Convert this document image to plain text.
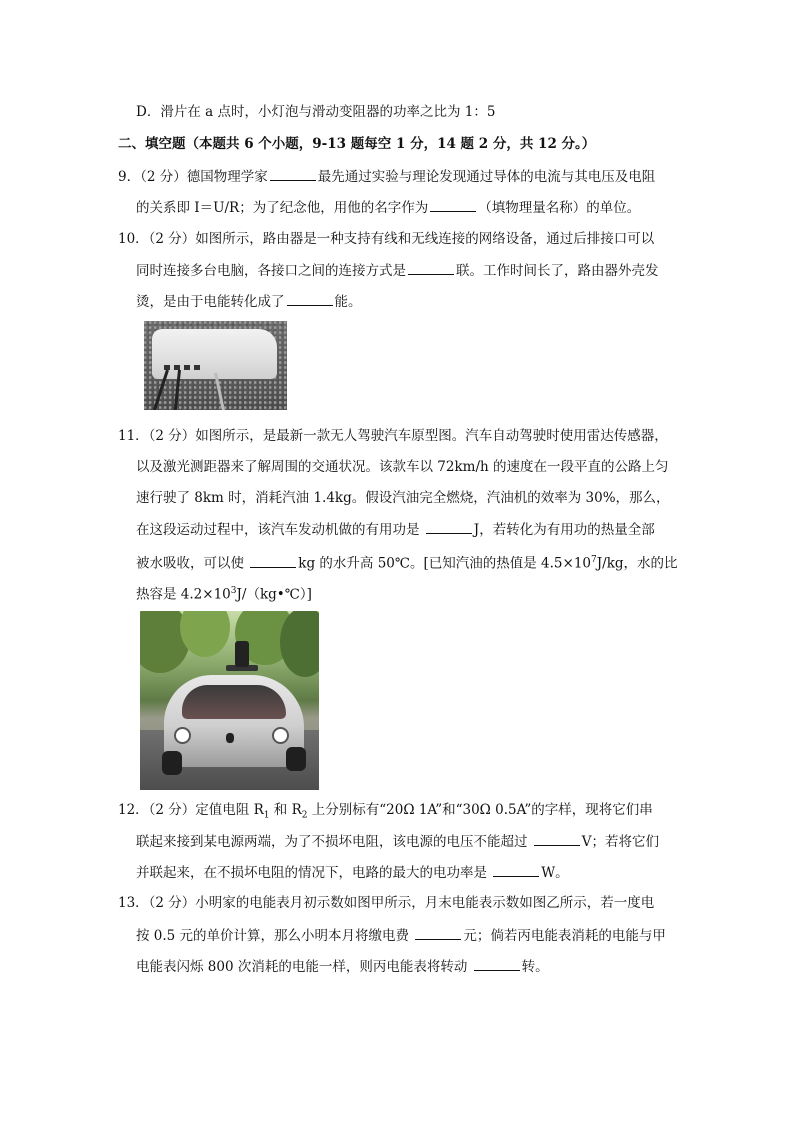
D．滑片在 a 点时，小灯泡与滑动变阻器的功率之比为 1：5
二、填空题（本题共 6 个小题，9-13 题每空 1 分，14 题 2 分，共 12 分。）
9．（2 分）德国物理学家	最先通过实验与理论发现通过导体的电流与其电压及电阻
的关系即 I＝U/R；为了纪念他，用他的名字作为	（填物理量名称）的单位。
10．（2 分）如图所示，路由器是一种支持有线和无线连接的网络设备，通过后排接口可以
同时连接多台电脑，各接口之间的连接方式是	联。工作时间长了，路由器外壳发
烫，是由于电能转化成了	能。
11．（2 分）如图所示，是最新一款无人驾驶汽车原型图。汽车自动驾驶时使用雷达传感器，
以及激光测距器来了解周围的交通状况。该款车以 72km/h 的速度在一段平直的公路上匀
速行驶了 8km 时，消耗汽油 1.4kg。假设汽油完全燃烧，汽油机的效率为 30%，那么，
在这段运动过程中，该汽车发动机做的有用功是	J，若转化为有用功的热量全部
被水吸收，可以使	kg 的水升高 50℃。[已知汽油的热值是 $4.5\times 10^7J/kg$，水的比
热容是 $4.2\times 10^3J/(kg•℃)$]
12．（2 分）定值电阻 $R_1$ 和 $R_2$ 上分别标有“20Ω 1A”和“30Ω 0.5A”的字样，现将它们串
联起来接到某电源两端，为了不损坏电阻，该电源的电压不能超过	V；若将它们
并联起来，在不损坏电阻的情况下，电路的最大的电功率是	W。
13．（2 分）小明家的电能表月初示数如图甲所示，月末电能表示数如图乙所示，若一度电
按 0.5 元的单价计算，那么小明本月将缴电费	元；倘若丙电能表消耗的电能与甲
电能表闪烁 800 次消耗的电能一样，则丙电能表将转动	转。
